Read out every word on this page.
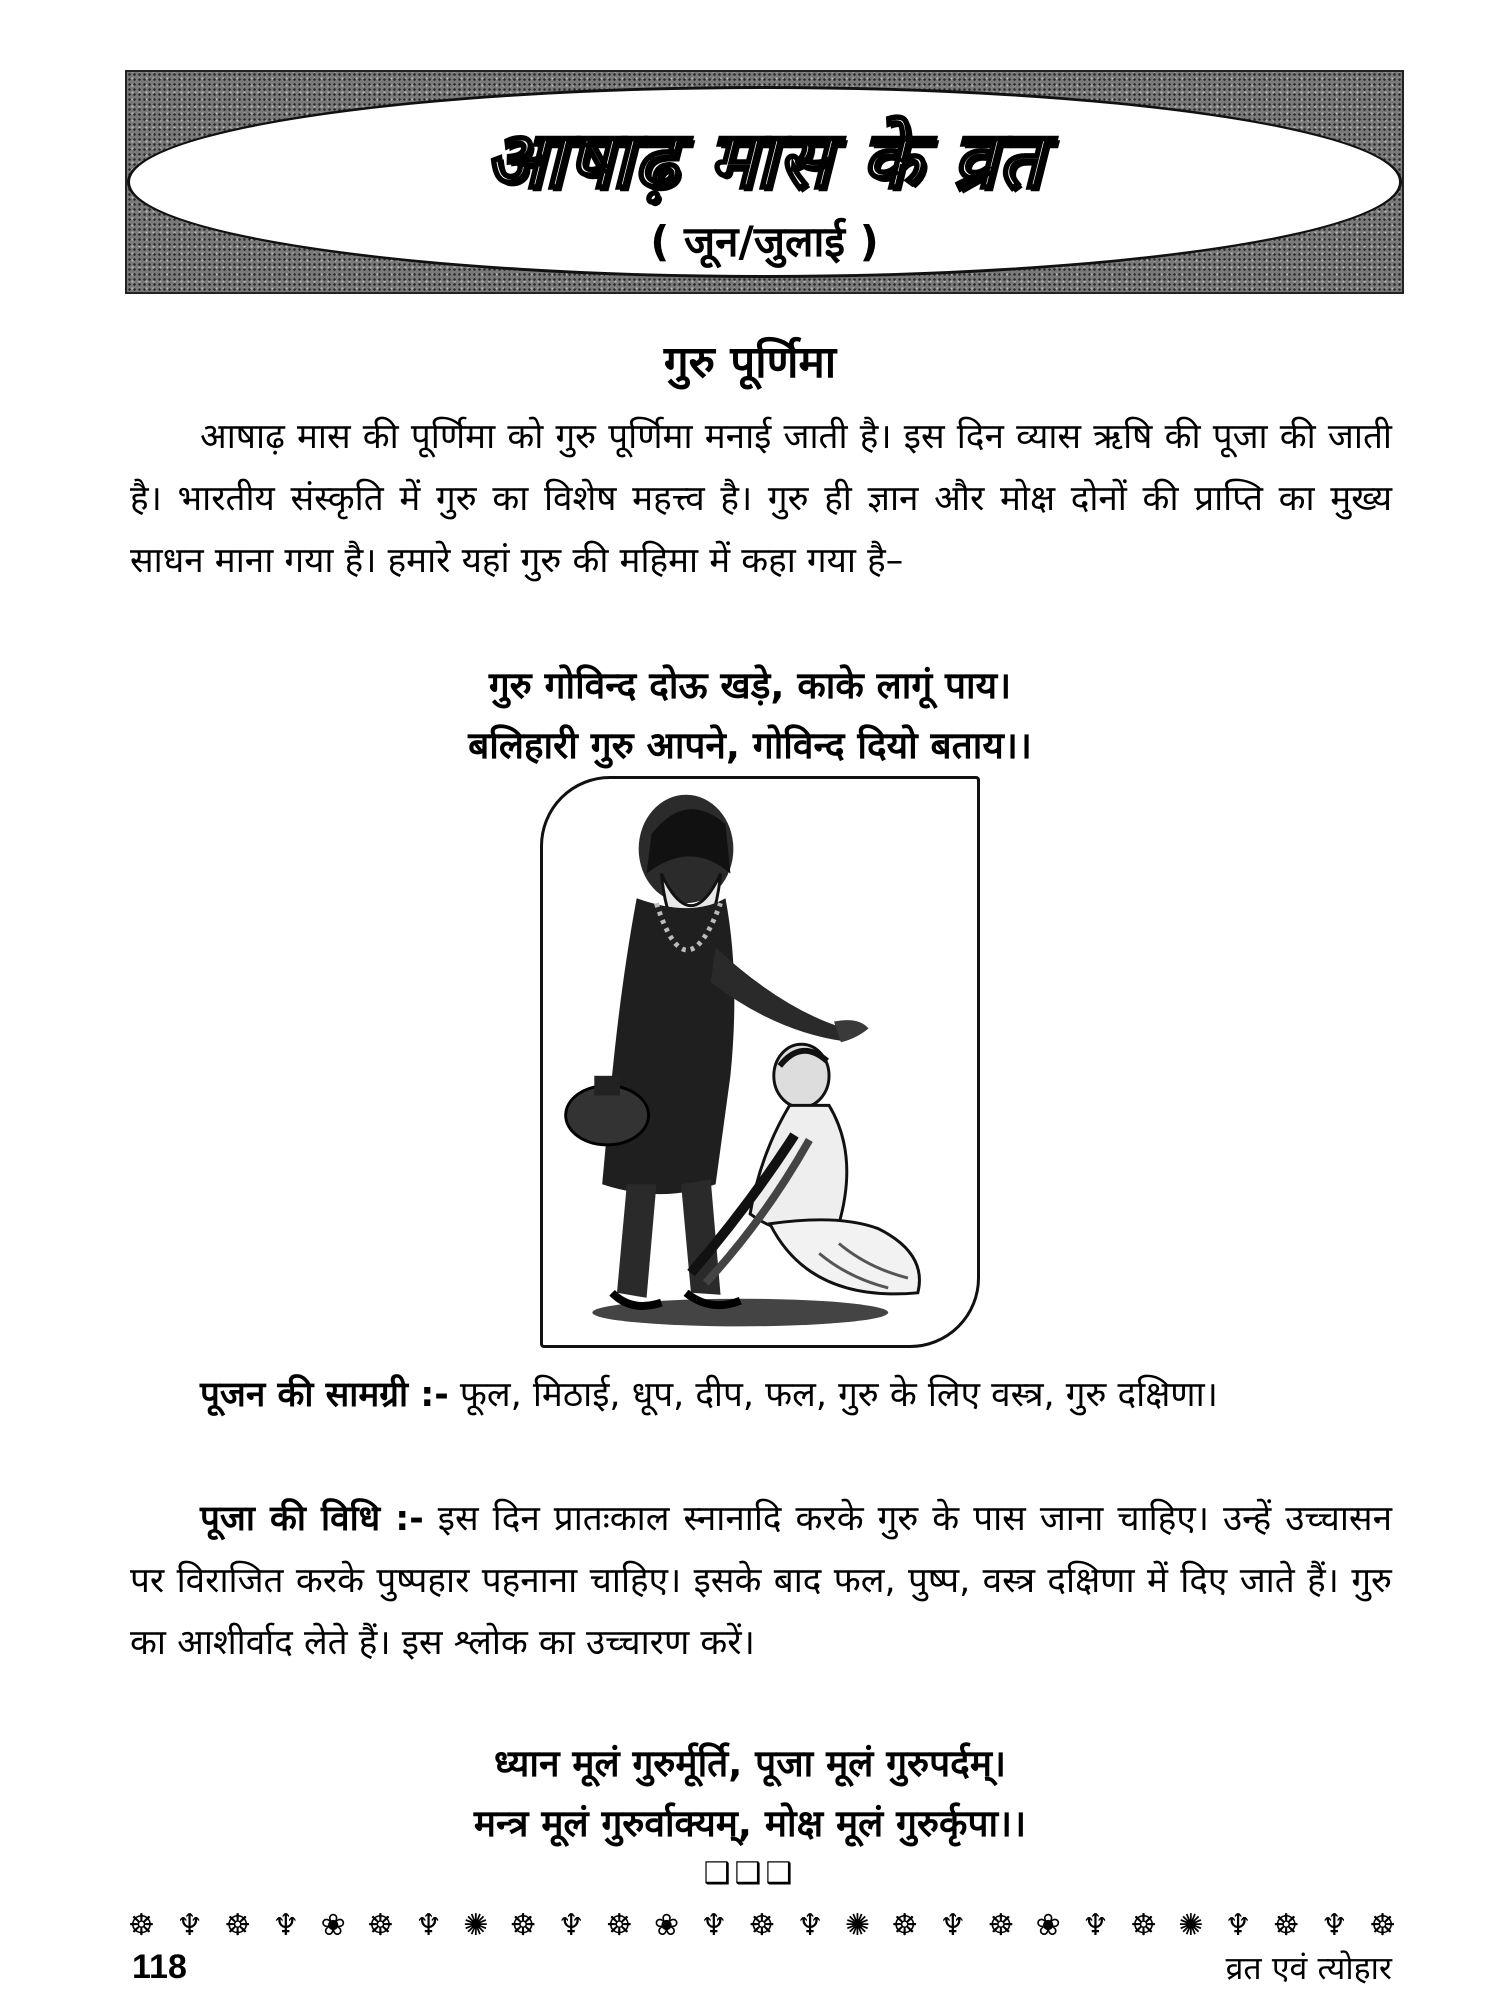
आषाढ़ मास के व्रत
( जून/जुलाई )
गुरु पूर्णिमा
आषाढ़ मास की पूर्णिमा को गुरु पूर्णिमा मनाई जाती है। इस दिन व्यास ऋषि की पूजा की जाती है। भारतीय संस्कृति में गुरु का विशेष महत्त्व है। गुरु ही ज्ञान और मोक्ष दोनों की प्राप्ति का मुख्य साधन माना गया है। हमारे यहां गुरु की महिमा में कहा गया है–
गुरु गोविन्द दोऊ खड़े, काके लागूं पाय।
बलिहारी गुरु आपने, गोविन्द दियो बताय।।
पूजन की सामग्री :- फूल, मिठाई, धूप, दीप, फल, गुरु के लिए वस्त्र, गुरु दक्षिणा।
पूजा की विधि :- इस दिन प्रातःकाल स्नानादि करके गुरु के पास जाना चाहिए। उन्हें उच्चासन पर विराजित करके पुष्पहार पहनाना चाहिए। इसके बाद फल, पुष्प, वस्त्र दक्षिणा में दिए जाते हैं। गुरु का आशीर्वाद लेते हैं। इस श्लोक का उच्चारण करें।
ध्यान मूलं गुरुर्मूर्ति, पूजा मूलं गुरुपर्दम्।
मन्त्र मूलं गुरुर्वाक्यम्, मोक्ष मूलं गुरुर्कृपा।।
❑❑❑
☸ ♆ ☸ ♆ ❀ ☸ ♆ ✺ ☸ ♆ ☸ ❀ ♆ ☸ ♆ ✺ ☸ ♆ ☸ ❀ ♆ ☸ ✺ ♆ ☸ ♆ ☸
118	व्रत एवं त्योहार
